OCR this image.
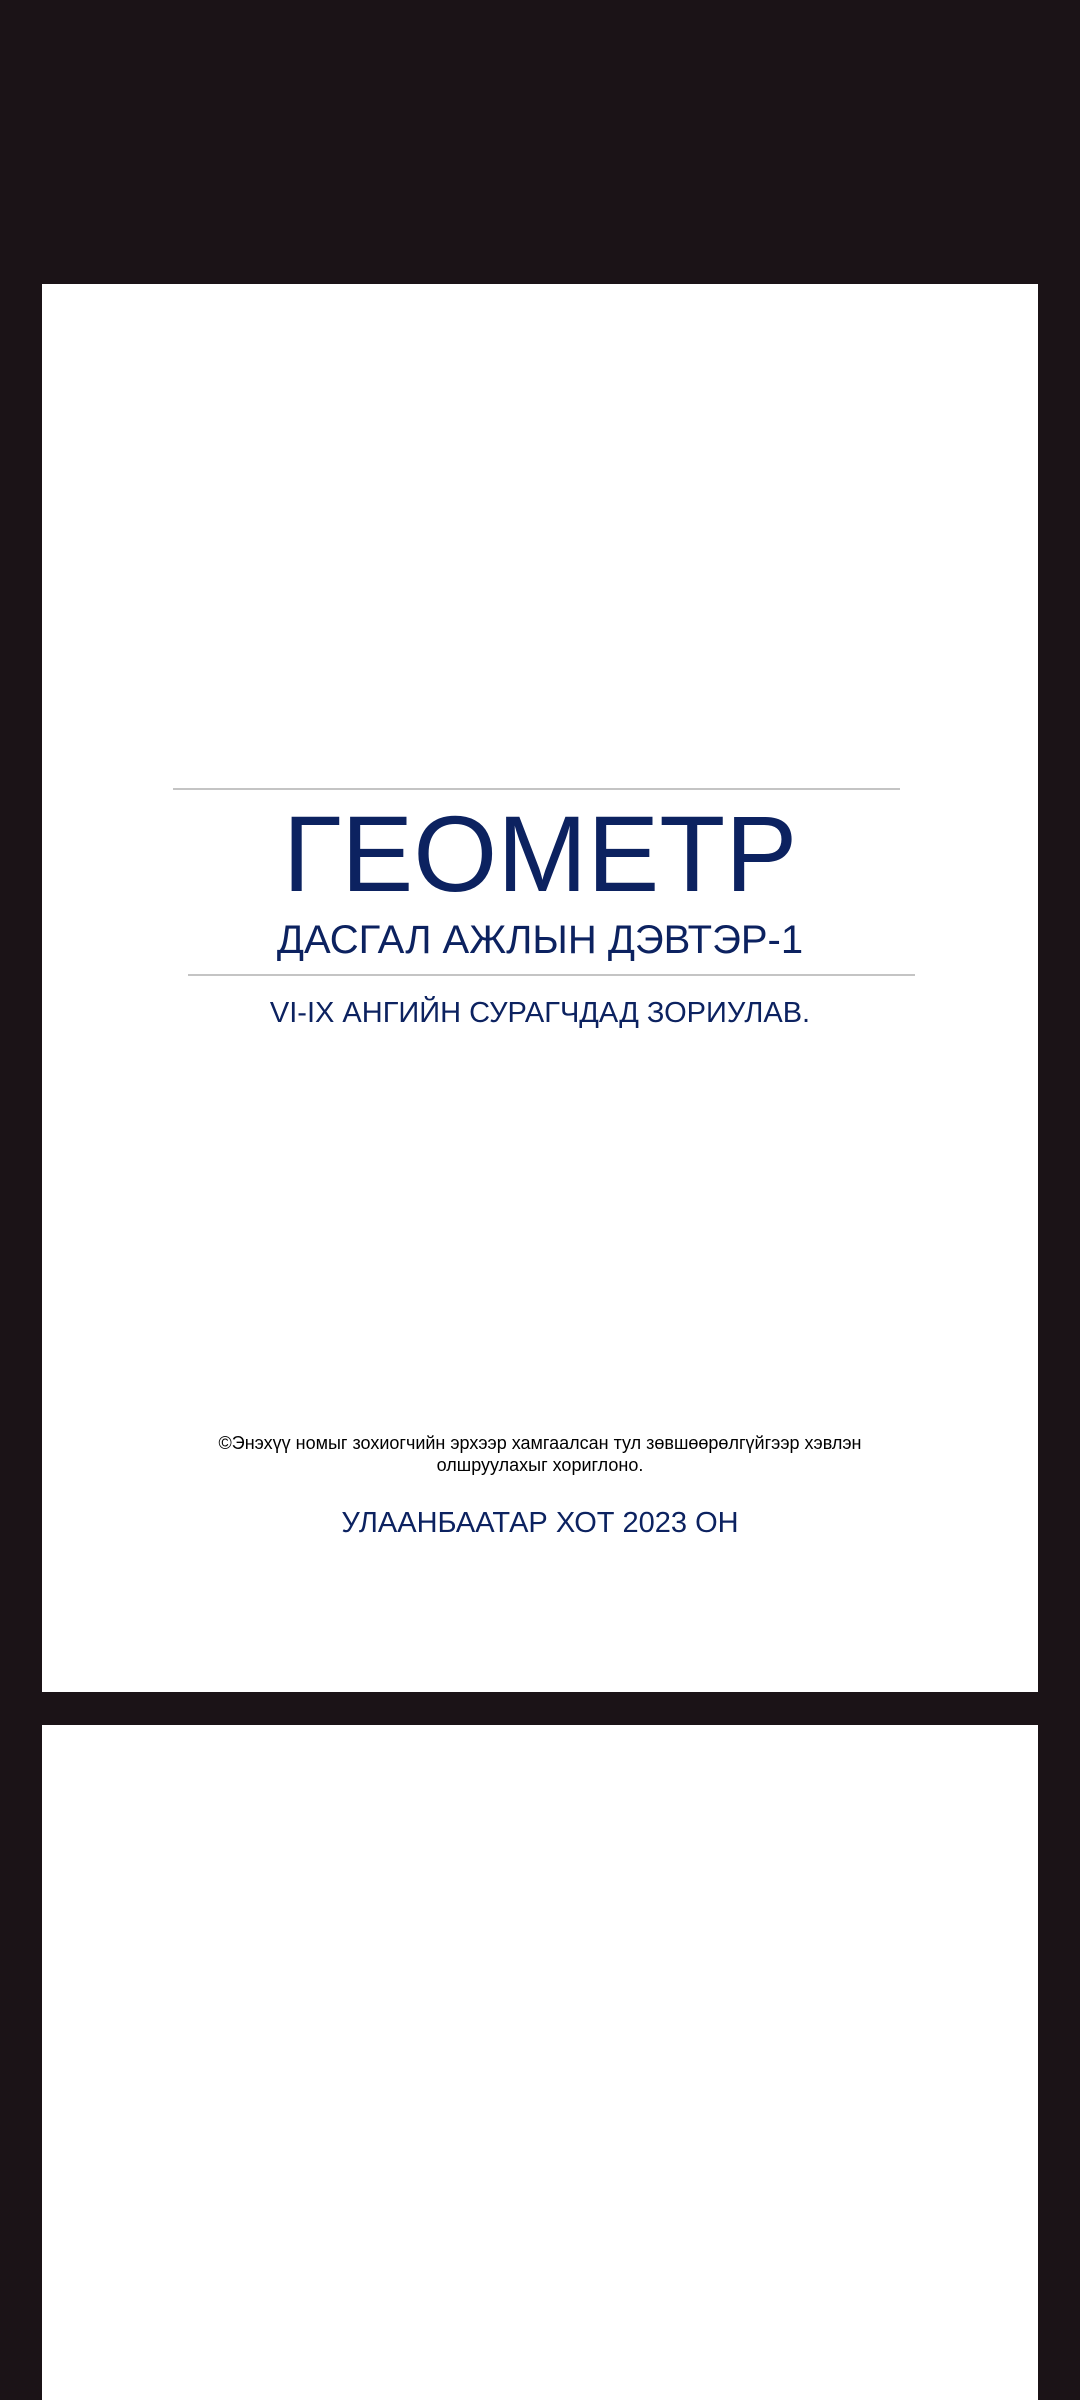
ГЕОМЕТР
ДАСГАЛ АЖЛЫН ДЭВТЭР-1
VI-IX АНГИЙН СУРАГЧДАД ЗОРИУЛАВ.
©Энэхүү номыг зохиогчийн эрхээр хамгаалсан тул зөвшөөрөлгүйгээр хэвлэн
олшруулахыг хориглоно.
УЛААНБААТАР ХОТ 2023 ОН
